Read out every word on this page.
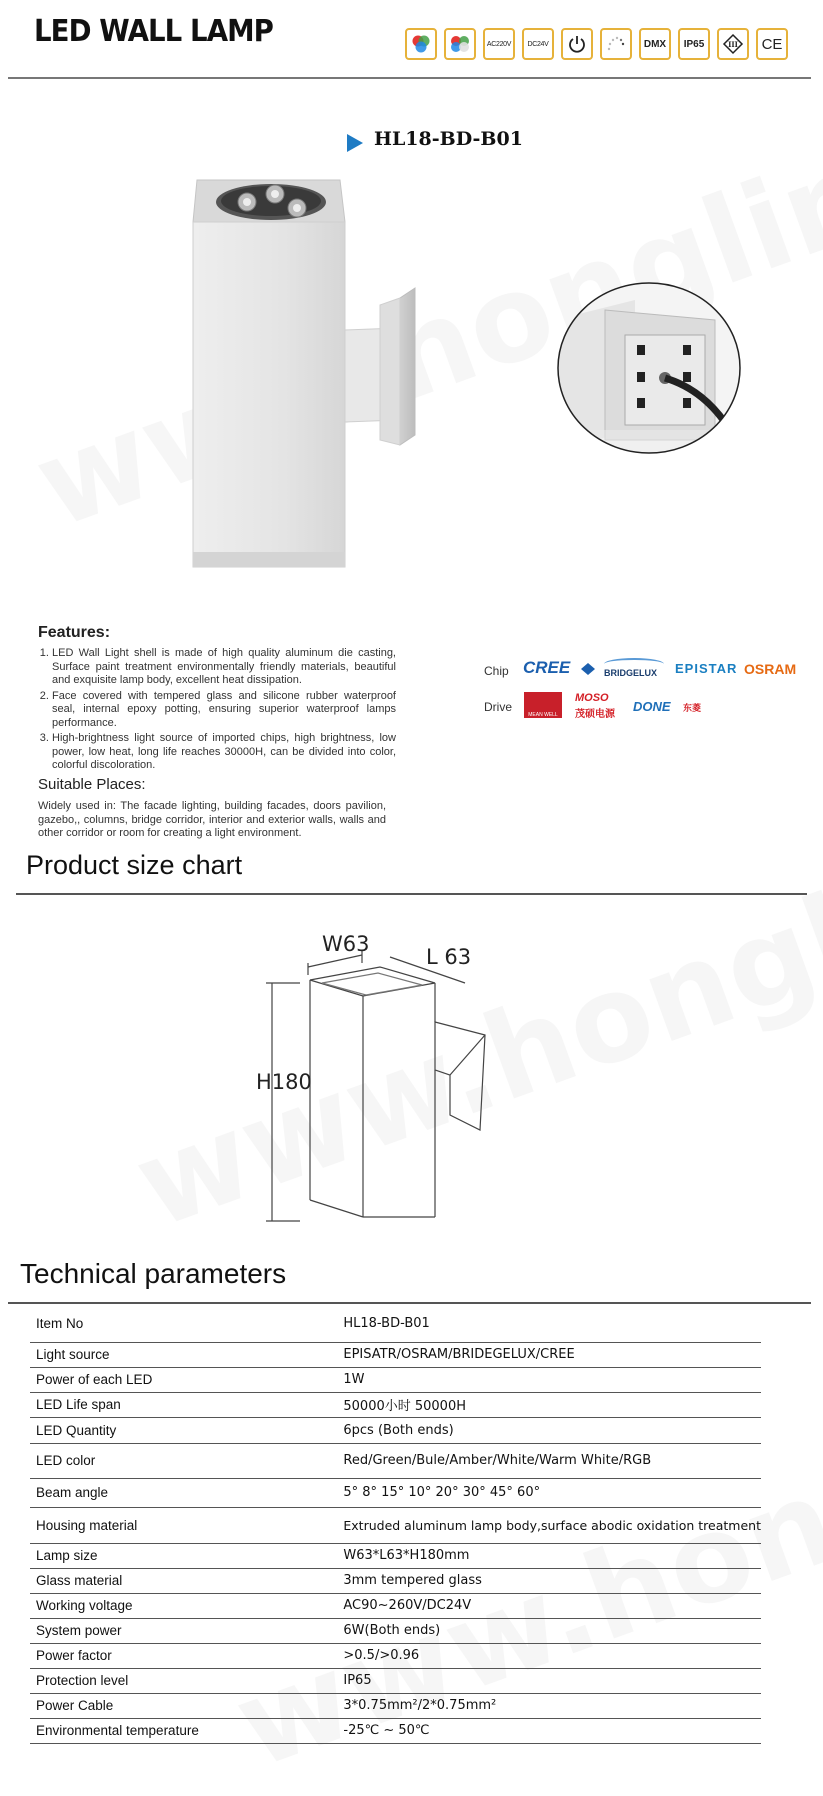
LED WALL LAMP	AC220V DC24V	DMX	IP65	III	CE
HL18-BD-B01
Features:
1. LED Wall Light shell is made of high quality aluminum die casting, Surface paint treatment environmentally friendly materials, beautiful and exquisite lamp body, excellent heat dissipation.
2. Face covered with tempered glass and silicone rubber waterproof seal, internal epoxy potting, ensuring superior waterproof lamps performance.
3. High-brightness light source of imported chips, high brightness, low power, low heat, long life reaches 30000H, can be divided into color, colorful discoloration.
Suitable Places:
Widely used in: The facade lighting, building facades, doors pavilion, gazebo,, columns, bridge corridor, interior and exterior walls, walls and other corridor or room for creating a light environment.
Chip CREE	BRIDGELUX EPISTAR OSRAM
Drive
MEAN WELL
MOSO
茂硕电源
DONE 东菱
Product size chart
W63
L 63
H180
Technical parameters
Item No	HL18-BD-B01
Light source	EPISATR/OSRAM/BRIDEGELUX/CREE
Power of each LED	1W
LED Life span	50000小时 50000H
LED Quantity	6pcs (Both ends)
LED color	Red/Green/Bule/Amber/White/Warm White/RGB
Beam angle	5° 8° 15° 10° 20° 30° 45° 60°
Housing material	Extruded aluminum lamp body,surface abodic oxidation treatment
Lamp size	W63*L63*H180mm
Glass material	3mm tempered glass
Working voltage	AC90~260V/DC24V
System power	6W(Both ends)
Power factor	>0.5/>0.96
Protection level	IP65
Power Cable	3*0.75mm²/2*0.75mm²
Environmental temperature	-25℃ ~ 50℃
